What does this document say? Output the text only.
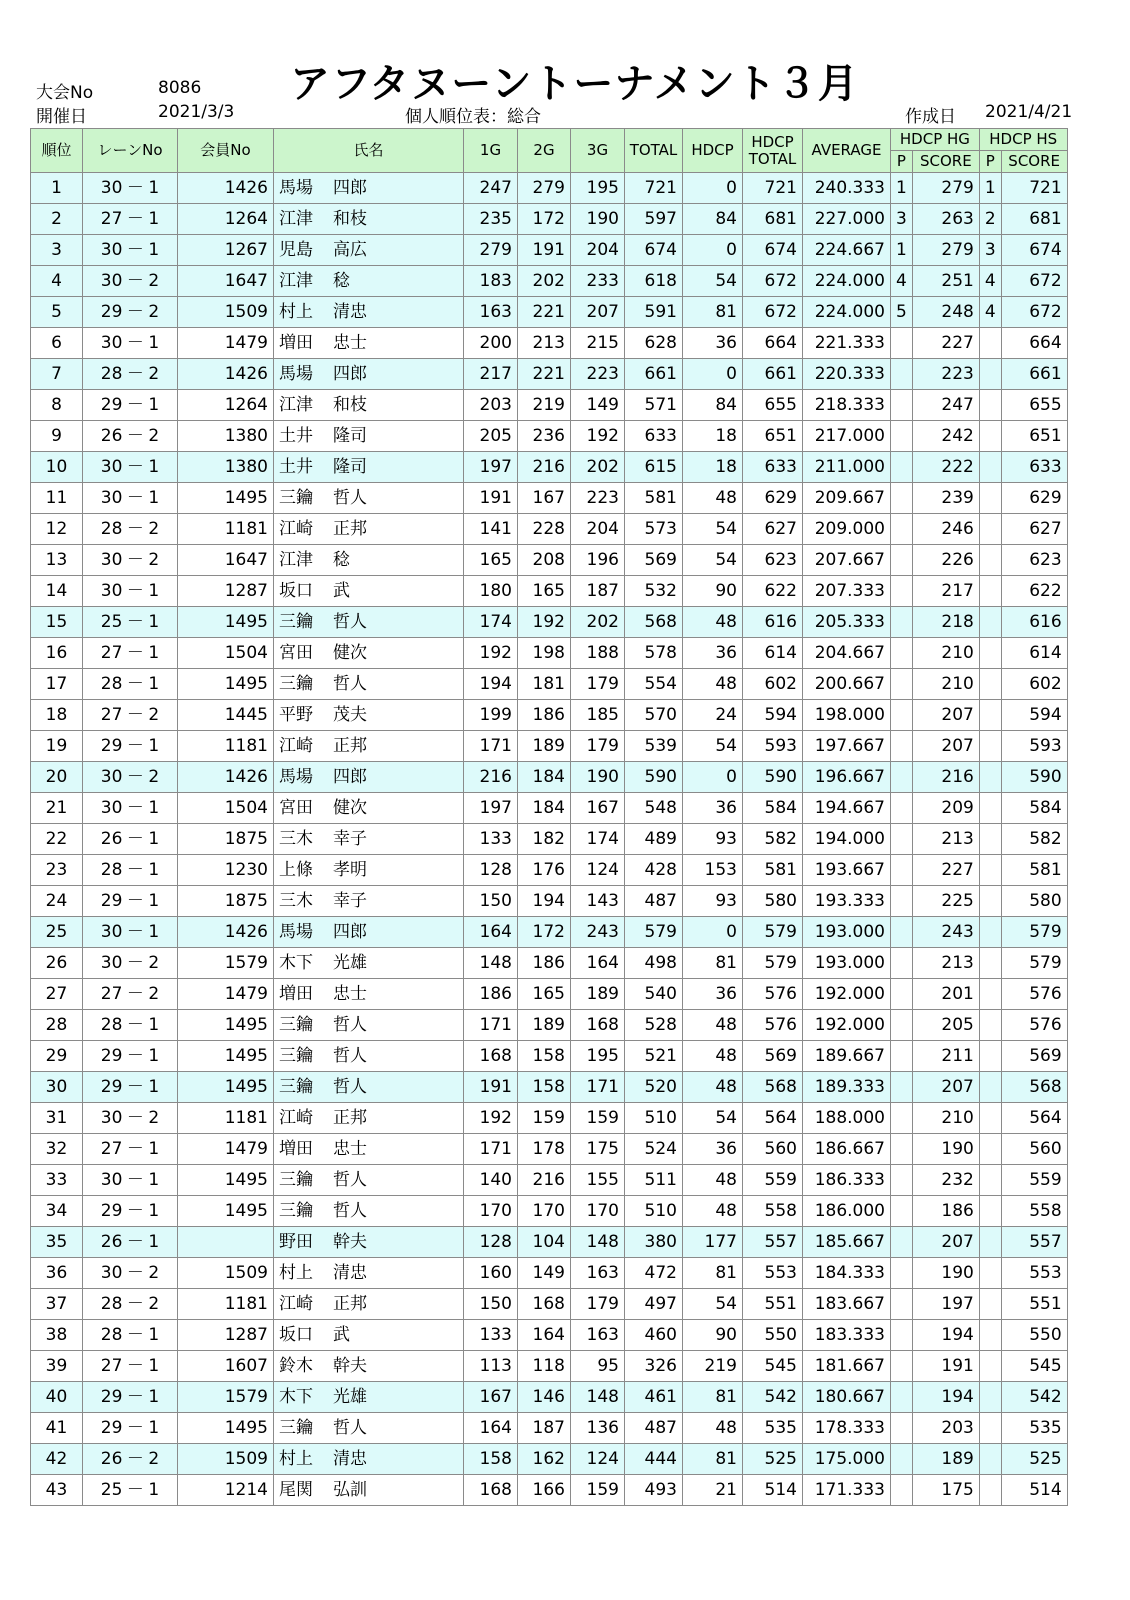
大会No	8086
開催日	2021/3/3
アフタヌーントーナメント３月
個人順位表：総合	作成日 2021/4/21
順位	レーンNo	会員No	氏名	1G	2G	3G	TOTAL	HDCP	HDCP
TOTAL	AVERAGE	HDCP HG		HDCP HS	
											P	SCORE	P	SCORE
1	30 － 1	1426	馬場 四郎	247	279	195	721	0	721	240.333	1	279	1	721
2	27 － 1	1264	江津 和枝	235	172	190	597	84	681	227.000	3	263	2	681
3	30 － 1	1267	児島 高広	279	191	204	674	0	674	224.667	1	279	3	674
4	30 － 2	1647	江津 稔	183	202	233	618	54	672	224.000	4	251	4	672
5	29 － 2	1509	村上 清忠	163	221	207	591	81	672	224.000	5	248	4	672
6	30 － 1	1479	増田 忠士	200	213	215	628	36	664	221.333		227		664
7	28 － 2	1426	馬場 四郎	217	221	223	661	0	661	220.333		223		661
8	29 － 1	1264	江津 和枝	203	219	149	571	84	655	218.333		247		655
9	26 － 2	1380	土井 隆司	205	236	192	633	18	651	217.000		242		651
10	30 － 1	1380	土井 隆司	197	216	202	615	18	633	211.000		222		633
11	30 － 1	1495	三鑰 哲人	191	167	223	581	48	629	209.667		239		629
12	28 － 2	1181	江崎 正邦	141	228	204	573	54	627	209.000		246		627
13	30 － 2	1647	江津 稔	165	208	196	569	54	623	207.667		226		623
14	30 － 1	1287	坂口 武	180	165	187	532	90	622	207.333		217		622
15	25 － 1	1495	三鑰 哲人	174	192	202	568	48	616	205.333		218		616
16	27 － 1	1504	宮田 健次	192	198	188	578	36	614	204.667		210		614
17	28 － 1	1495	三鑰 哲人	194	181	179	554	48	602	200.667		210		602
18	27 － 2	1445	平野 茂夫	199	186	185	570	24	594	198.000		207		594
19	29 － 1	1181	江崎 正邦	171	189	179	539	54	593	197.667		207		593
20	30 － 2	1426	馬場 四郎	216	184	190	590	0	590	196.667		216		590
21	30 － 1	1504	宮田 健次	197	184	167	548	36	584	194.667		209		584
22	26 － 1	1875	三木 幸子	133	182	174	489	93	582	194.000		213		582
23	28 － 1	1230	上條 孝明	128	176	124	428	153	581	193.667		227		581
24	29 － 1	1875	三木 幸子	150	194	143	487	93	580	193.333		225		580
25	30 － 1	1426	馬場 四郎	164	172	243	579	0	579	193.000		243		579
26	30 － 2	1579	木下 光雄	148	186	164	498	81	579	193.000		213		579
27	27 － 2	1479	増田 忠士	186	165	189	540	36	576	192.000		201		576
28	28 － 1	1495	三鑰 哲人	171	189	168	528	48	576	192.000		205		576
29	29 － 1	1495	三鑰 哲人	168	158	195	521	48	569	189.667		211		569
30	29 － 1	1495	三鑰 哲人	191	158	171	520	48	568	189.333		207		568
31	30 － 2	1181	江崎 正邦	192	159	159	510	54	564	188.000		210		564
32	27 － 1	1479	増田 忠士	171	178	175	524	36	560	186.667		190		560
33	30 － 1	1495	三鑰 哲人	140	216	155	511	48	559	186.333		232		559
34	29 － 1	1495	三鑰 哲人	170	170	170	510	48	558	186.000		186		558
35	26 － 1		野田 幹夫	128	104	148	380	177	557	185.667		207		557
36	30 － 2	1509	村上 清忠	160	149	163	472	81	553	184.333		190		553
37	28 － 2	1181	江崎 正邦	150	168	179	497	54	551	183.667		197		551
38	28 － 1	1287	坂口 武	133	164	163	460	90	550	183.333		194		550
39	27 － 1	1607	鈴木 幹夫	113	118	95	326	219	545	181.667		191		545
40	29 － 1	1579	木下 光雄	167	146	148	461	81	542	180.667		194		542
41	29 － 1	1495	三鑰 哲人	164	187	136	487	48	535	178.333		203		535
42	26 － 2	1509	村上 清忠	158	162	124	444	81	525	175.000		189		525
43	25 － 1	1214	尾関 弘訓	168	166	159	493	21	514	171.333		175		514
